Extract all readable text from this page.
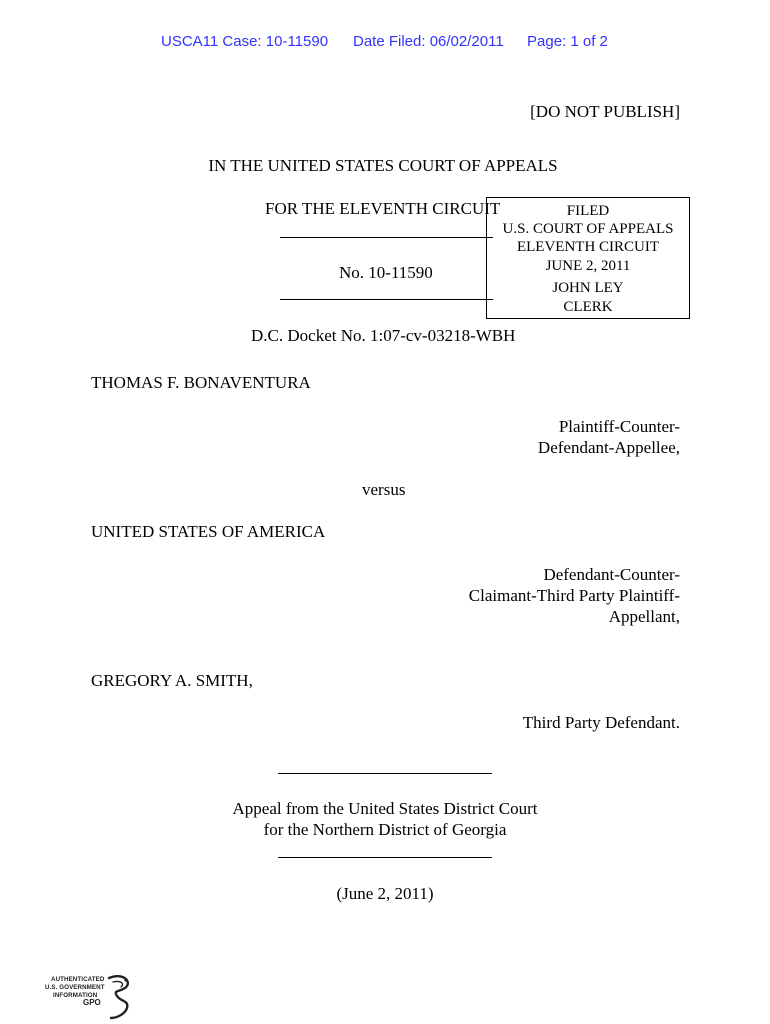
USCA11 Case: 10-11590 Date Filed: 06/02/2011 Page: 1 of 2
[DO NOT PUBLISH]
IN THE UNITED STATES COURT OF APPEALS
FOR THE ELEVENTH CIRCUIT
No. 10-11590
FILED
U.S. COURT OF APPEALS
ELEVENTH CIRCUIT
JUNE 2, 2011
JOHN LEY
CLERK
D.C. Docket No. 1:07-cv-03218-WBH
THOMAS F. BONAVENTURA
Plaintiff-Counter-
Defendant-Appellee,
versus
UNITED STATES OF AMERICA
Defendant-Counter-
Claimant-Third Party Plaintiff-
Appellant,
GREGORY A. SMITH,
Third Party Defendant.
Appeal from the United States District Court
for the Northern District of Georgia
(June 2, 2011)
AUTHENTICATED
U.S. GOVERNMENT
INFORMATION
GPO
